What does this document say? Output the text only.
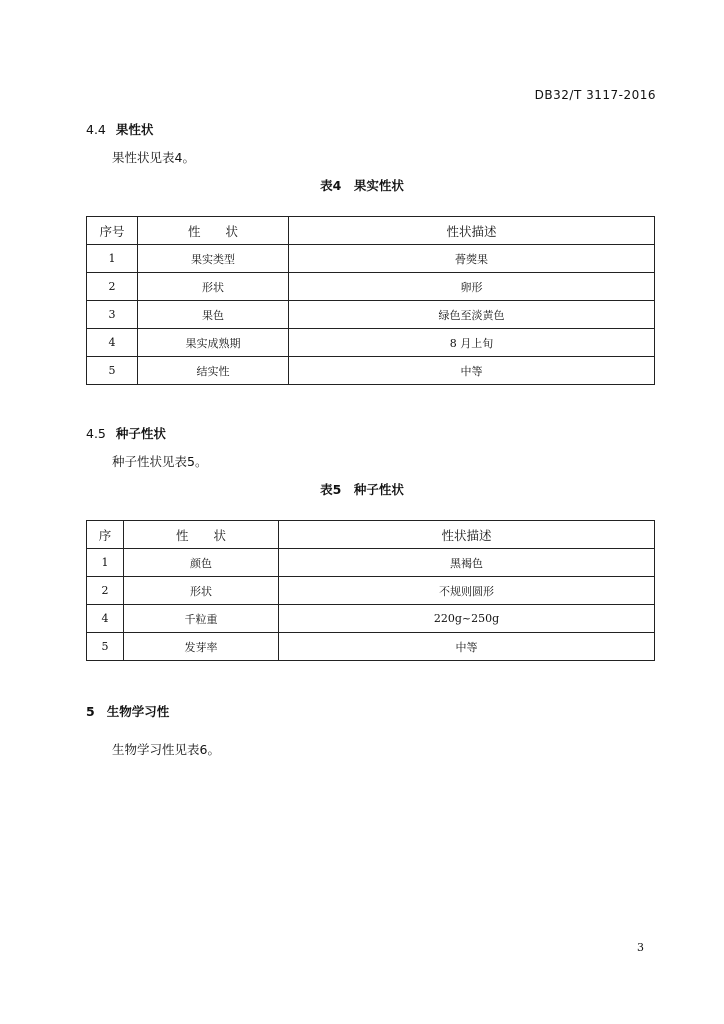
DB32/T 3117-2016
4.4 果性状
果性状见表4。
表4　果实性状
序号	性　　状	性状描述
1	果实类型	蓇葖果
2	形状	卵形
3	果色	绿色至淡黄色
4	果实成熟期	8 月上旬
5	结实性	中等
4.5 种子性状
种子性状见表5。
表5　种子性状
序	性　　状	性状描述
1	颜色	黑褐色
2	形状	不规则圆形
4	千粒重	220g~250g
5	发芽率	中等
5 生物学习性
生物学习性见表6。
3
